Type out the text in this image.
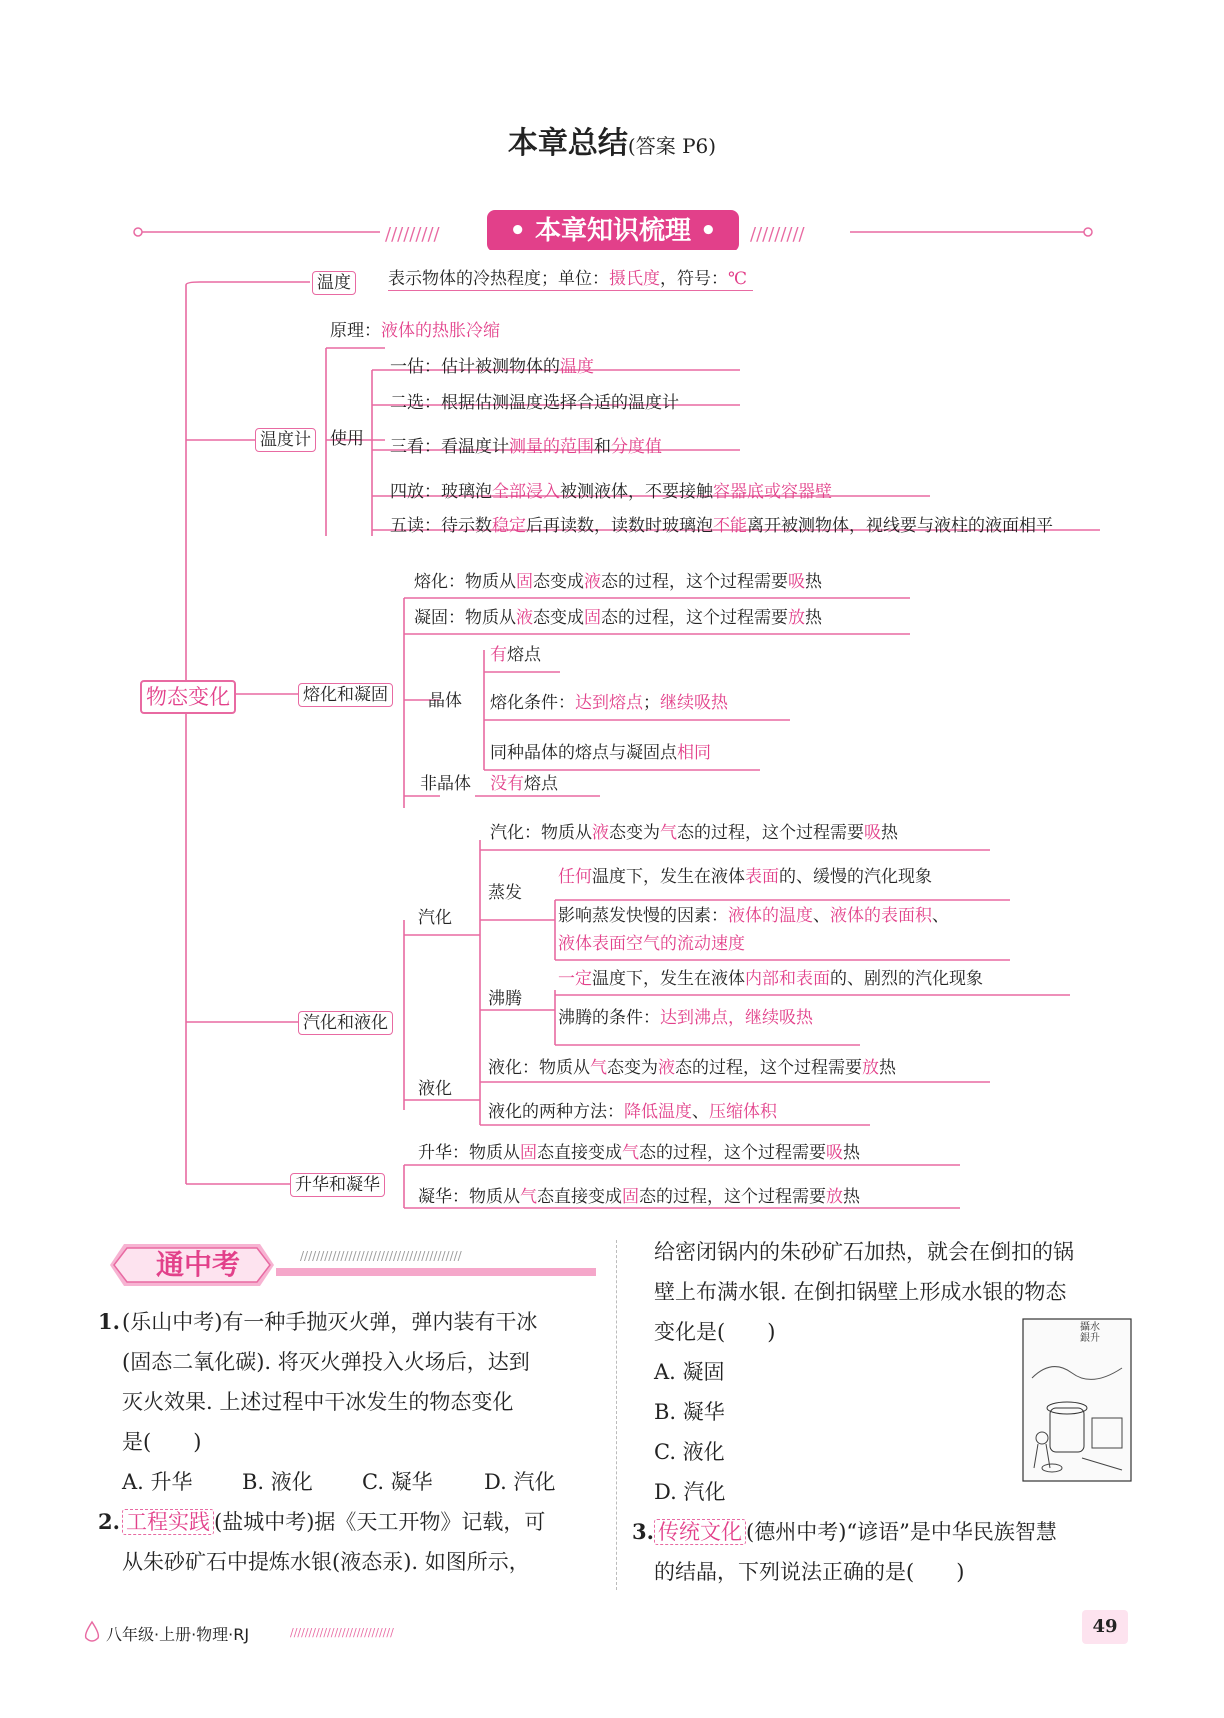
本章总结(答案 P6)
/////////	/////////
• 本章知识梳理 •
物态变化
温度 表示物体的冷热程度；单位：摄氏度，符号：℃
温度计
原理：液体的热胀冷缩
使用
一估：估计被测物体的温度
二选：根据估测温度选择合适的温度计
三看：看温度计测量的范围和分度值
四放：玻璃泡全部浸入被测液体，不要接触容器底或容器壁
五读：待示数稳定后再读数，读数时玻璃泡不能离开被测物体，视线要与液柱的液面相平
熔化和凝固
熔化：物质从固态变成液态的过程，这个过程需要吸热
凝固：物质从液态变成固态的过程，这个过程需要放热
晶体
有熔点
熔化条件：达到熔点；继续吸热
同种晶体的熔点与凝固点相同
非晶体 没有熔点
汽化和液化
汽化
汽化：物质从液态变为气态的过程，这个过程需要吸热
蒸发
任何温度下，发生在液体表面的、缓慢的汽化现象
影响蒸发快慢的因素：液体的温度、液体的表面积、
液体表面空气的流动速度
沸腾
一定温度下，发生在液体内部和表面的、剧烈的汽化现象
沸腾的条件：达到沸点，继续吸热
液化
液化：物质从气态变为液态的过程，这个过程需要放热
液化的两种方法：降低温度、压缩体积
升华和凝华
升华：物质从固态直接变成气态的过程，这个过程需要吸热
凝华：物质从气态直接变成固态的过程，这个过程需要放热
////////////////////////////////////////
通中考
1. (乐山中考)有一种手抛灭火弹，弹内装有干冰
(固态二氧化碳). 将灭火弹投入火场后，达到
灭火效果. 上述过程中干冰发生的物态变化
是(　　)
A. 升华 B. 液化 C. 凝华 D. 汽化
2. 工程实践 (盐城中考)据《天工开物》记载，可
从朱砂矿石中提炼水银(液态汞). 如图所示，
给密闭锅内的朱砂矿石加热，就会在倒扣的锅
壁上布满水银. 在倒扣锅壁上形成水银的物态
变化是(　　)
A. 凝固
B. 凝华
C. 液化
D. 汽化
攝水銀升
3. 传统文化 (德州中考)“谚语”是中华民族智慧
的结晶，下列说法正确的是(　　)
八年级·上册·物理·RJ	////////////////////////////	49
